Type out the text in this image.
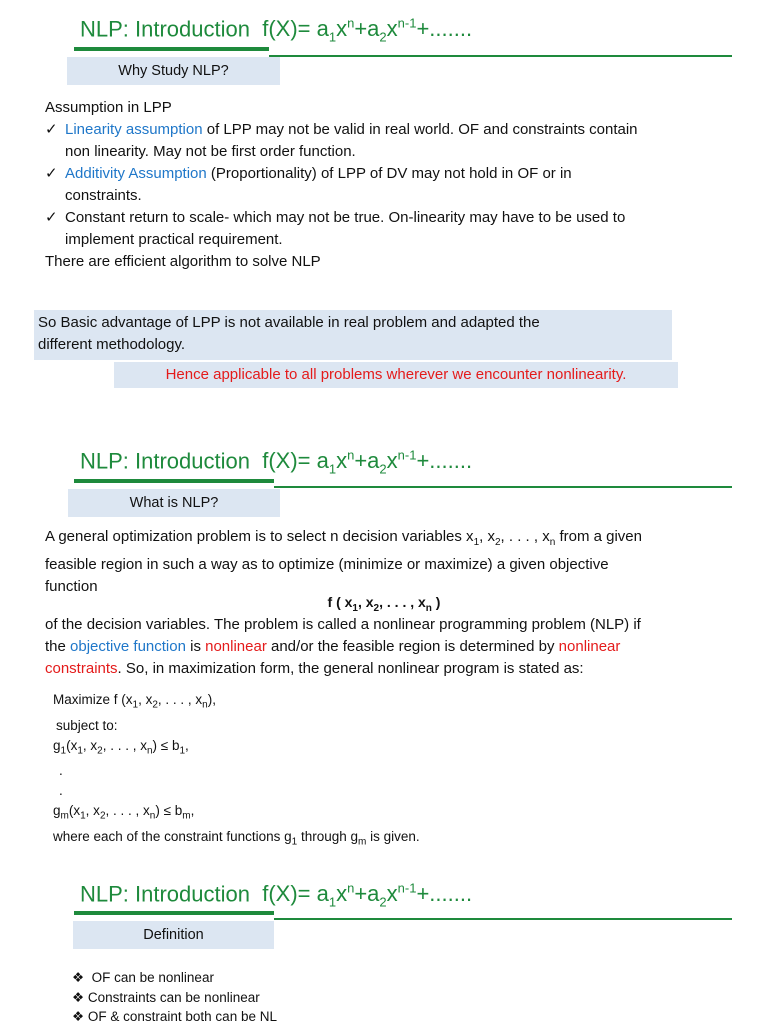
NLP: Introduction  $f(X)= a_1x^n+a_2x^{n-1}+$.......
Why Study NLP?
Assumption in LPP
✓ Linearity assumption of LPP may not be valid in real world. OF and constraints contain
non linearity. May not be first order function.
✓ Additivity Assumption (Proportionality) of LPP of DV may not hold in OF or in
constraints.
✓ Constant return to scale- which may not be true. On-linearity may have to be used to
implement practical requirement.
There are efficient algorithm to solve NLP
So Basic advantage of LPP is not available in real problem and adapted the
different methodology.
Hence applicable to all problems wherever we encounter nonlinearity.
NLP: Introduction  $f(X)= a_1x^n+a_2x^{n-1}+$.......
What is NLP?
A general optimization problem is to select n decision variables $x_1$, $x_2$, . . . , $x_n$ from a given
feasible region in such a way as to optimize (minimize or maximize) a given objective
function
f ( $x_1$, $x_2$, . . . , $x_n$ )
of the decision variables. The problem is called a nonlinear programming problem (NLP) if
the objective function is nonlinear and/or the feasible region is determined by nonlinear
constraints. So, in maximization form, the general nonlinear program is stated as:
Maximize f ($x_1$, $x_2$, . . . , $x_n$),
subject to:
$g_1(x_1$, $x_2$, . . . , $x_n) \le b_1$,
.
.
$g_m(x_1$, $x_2$, . . . , $x_n) \le b_m$,
where each of the constraint functions $g_1$ through $g_m$ is given.
NLP: Introduction  $f(X)= a_1x^n+a_2x^{n-1}+$.......
Definition
❖ OF can be nonlinear
❖ Constraints can be nonlinear
❖ OF & constraint both can be NL
